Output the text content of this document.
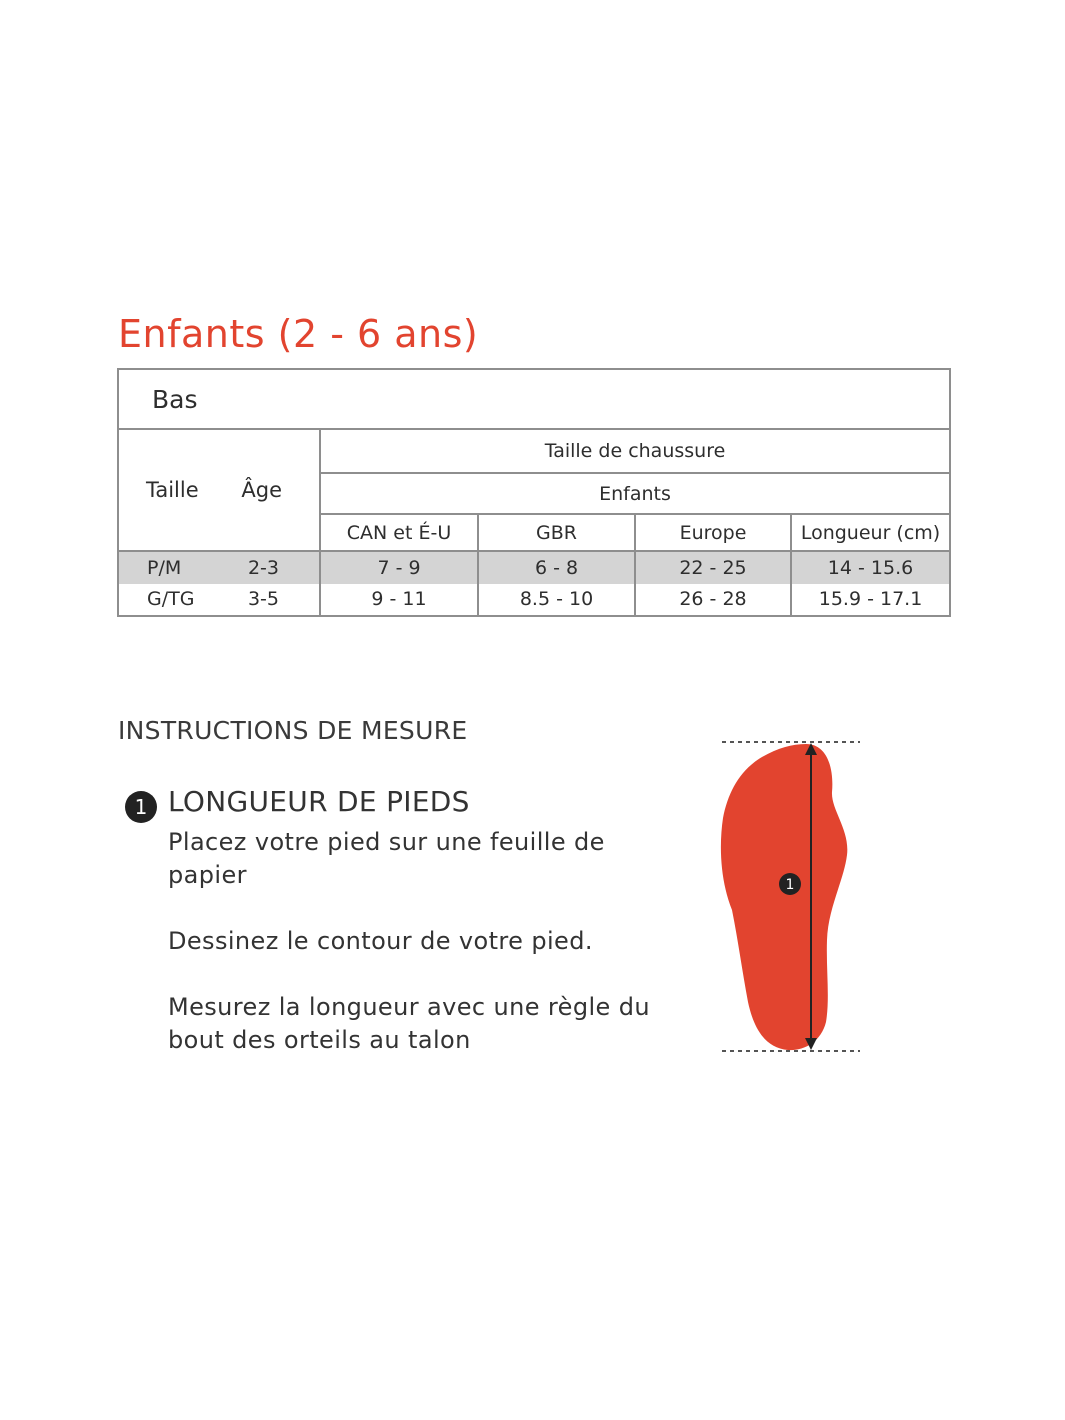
Enfants (2 - 6 ans)
Bas				

Taille Âge	Taille de chaussure			
	Enfants			
	CAN et É-U	GBR	Europe	Longueur (cm)

P/M 2-3	7 - 9	6 - 8	22 - 25	14 - 15.6

G/TG 3-5	9 - 11	8.5 - 10	26 - 28	15.9 - 17.1
INSTRUCTIONS DE MESURE
1 LONGUEUR DE PIEDS

Placez votre pied sur une feuille de papier

Dessinez le contour de votre pied.

Mesurez la longueur avec une règle du bout des orteils au talon

1
